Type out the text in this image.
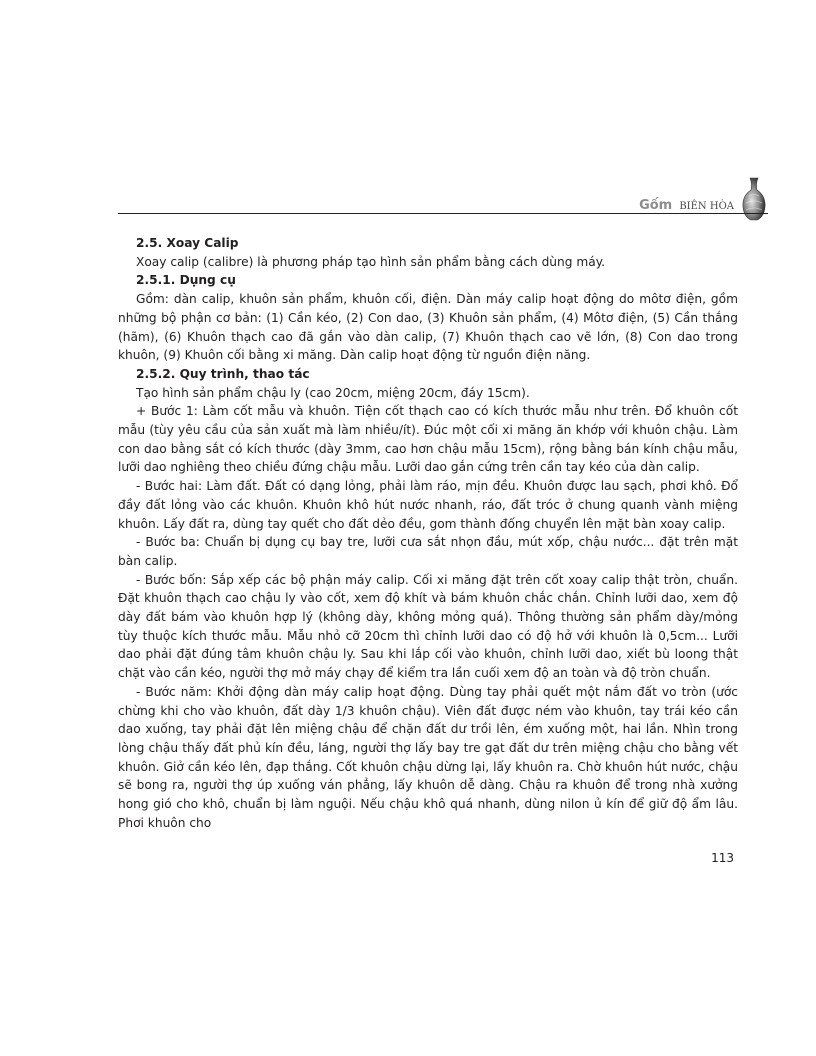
Gốm BIÊN HÒA

2.5. Xoay Calip

Xoay calip (calibre) là phương pháp tạo hình sản phẩm bằng cách dùng máy.

2.5.1. Dụng cụ

Gồm: dàn calip, khuôn sản phẩm, khuôn cối, điện. Dàn máy calip hoạt động do môtơ điện, gồm những bộ phận cơ bản: (1) Cần kéo, (2) Con dao, (3) Khuôn sản phẩm, (4) Môtơ điện, (5) Cần thắng (hãm), (6) Khuôn thạch cao đã gắn vào dàn calip, (7) Khuôn thạch cao vẽ lớn, (8) Con dao trong khuôn, (9) Khuôn cối bằng xi măng. Dàn calip hoạt động từ nguồn điện năng.

2.5.2. Quy trình, thao tác

Tạo hình sản phẩm chậu ly (cao 20cm, miệng 20cm, đáy 15cm).

+ Bước 1: Làm cốt mẫu và khuôn. Tiện cốt thạch cao có kích thước mẫu như trên. Đổ khuôn cốt mẫu (tùy yêu cầu của sản xuất mà làm nhiều/ít). Đúc một cối xi măng ăn khớp với khuôn chậu. Làm con dao bằng sắt có kích thước (dày 3mm, cao hơn chậu mẫu 15cm), rộng bằng bán kính chậu mẫu, lưỡi dao nghiêng theo chiều đứng chậu mẫu. Lưỡi dao gắn cứng trên cần tay kéo của dàn calip.

- Bước hai: Làm đất. Đất có dạng lỏng, phải làm ráo, mịn đều. Khuôn được lau sạch, phơi khô. Đổ đầy đất lỏng vào các khuôn. Khuôn khô hút nước nhanh, ráo, đất tróc ở chung quanh vành miệng khuôn. Lấy đất ra, dùng tay quết cho đất dẻo đều, gom thành đống chuyển lên mặt bàn xoay calip.

- Bước ba: Chuẩn bị dụng cụ bay tre, lưỡi cưa sắt nhọn đầu, mút xốp, chậu nước... đặt trên mặt bàn calip.

- Bước bốn: Sắp xếp các bộ phận máy calip. Cối xi măng đặt trên cốt xoay calip thật tròn, chuẩn. Đặt khuôn thạch cao chậu ly vào cốt, xem độ khít và bám khuôn chắc chắn. Chỉnh lưỡi dao, xem độ dày đất bám vào khuôn hợp lý (không dày, không mỏng quá). Thông thường sản phẩm dày/mỏng tùy thuộc kích thước mẫu. Mẫu nhỏ cỡ 20cm thì chỉnh lưỡi dao có độ hở với khuôn là 0,5cm... Lưỡi dao phải đặt đúng tâm khuôn chậu ly. Sau khi lắp cối vào khuôn, chỉnh lưỡi dao, xiết bù loong thật chặt vào cần kéo, người thợ mở máy chạy để kiểm tra lần cuối xem độ an toàn và độ tròn chuẩn.

- Bước năm: Khởi động dàn máy calip hoạt động. Dùng tay phải quết một nắm đất vo tròn (ước chừng khi cho vào khuôn, đất dày 1/3 khuôn chậu). Viên đất được ném vào khuôn, tay trái kéo cần dao xuống, tay phải đặt lên miệng chậu để chặn đất dư trồi lên, ém xuống một, hai lần. Nhìn trong lòng chậu thấy đất phủ kín đều, láng, người thợ lấy bay tre gạt đất dư trên miệng chậu cho bằng vết khuôn. Giở cần kéo lên, đạp thắng. Cốt khuôn chậu dừng lại, lấy khuôn ra. Chờ khuôn hút nước, chậu sẽ bong ra, người thợ úp xuống ván phẳng, lấy khuôn dễ dàng. Chậu ra khuôn để trong nhà xưởng hong gió cho khô, chuẩn bị làm nguội. Nếu chậu khô quá nhanh, dùng nilon ủ kín để giữ độ ẩm lâu. Phơi khuôn cho

113
